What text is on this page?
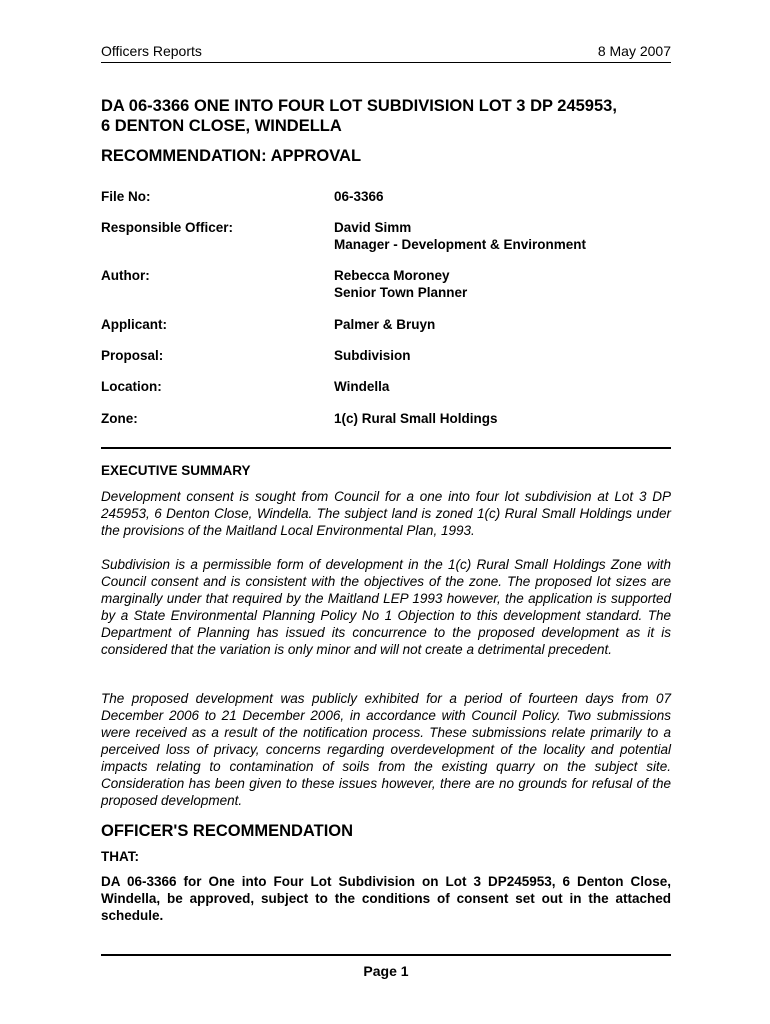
Officers Reports	8 May 2007
DA 06-3366 ONE INTO FOUR LOT SUBDIVISION LOT 3 DP 245953,
6 DENTON CLOSE, WINDELLA
RECOMMENDATION: APPROVAL
File No:	06-3366
Responsible Officer:	David Simm
Manager - Development & Environment
Author:	Rebecca Moroney
Senior Town Planner
Applicant:	Palmer & Bruyn
Proposal:	Subdivision
Location:	Windella
Zone:	1(c) Rural Small Holdings
EXECUTIVE SUMMARY
Development consent is sought from Council for a one into four lot subdivision at Lot 3 DP 245953, 6 Denton Close, Windella. The subject land is zoned 1(c) Rural Small Holdings under the provisions of the Maitland Local Environmental Plan, 1993.
Subdivision is a permissible form of development in the 1(c) Rural Small Holdings Zone with Council consent and is consistent with the objectives of the zone. The proposed lot sizes are marginally under that required by the Maitland LEP 1993 however, the application is supported by a State Environmental Planning Policy No 1 Objection to this development standard. The Department of Planning has issued its concurrence to the proposed development as it is considered that the variation is only minor and will not create a detrimental precedent.
The proposed development was publicly exhibited for a period of fourteen days from 07 December 2006 to 21 December 2006, in accordance with Council Policy. Two submissions were received as a result of the notification process. These submissions relate primarily to a perceived loss of privacy, concerns regarding overdevelopment of the locality and potential impacts relating to contamination of soils from the existing quarry on the subject site. Consideration has been given to these issues however, there are no grounds for refusal of the proposed development.
OFFICER'S RECOMMENDATION
THAT:
DA 06-3366 for One into Four Lot Subdivision on Lot 3 DP245953, 6 Denton Close, Windella, be approved, subject to the conditions of consent set out in the attached schedule.
Page 1
